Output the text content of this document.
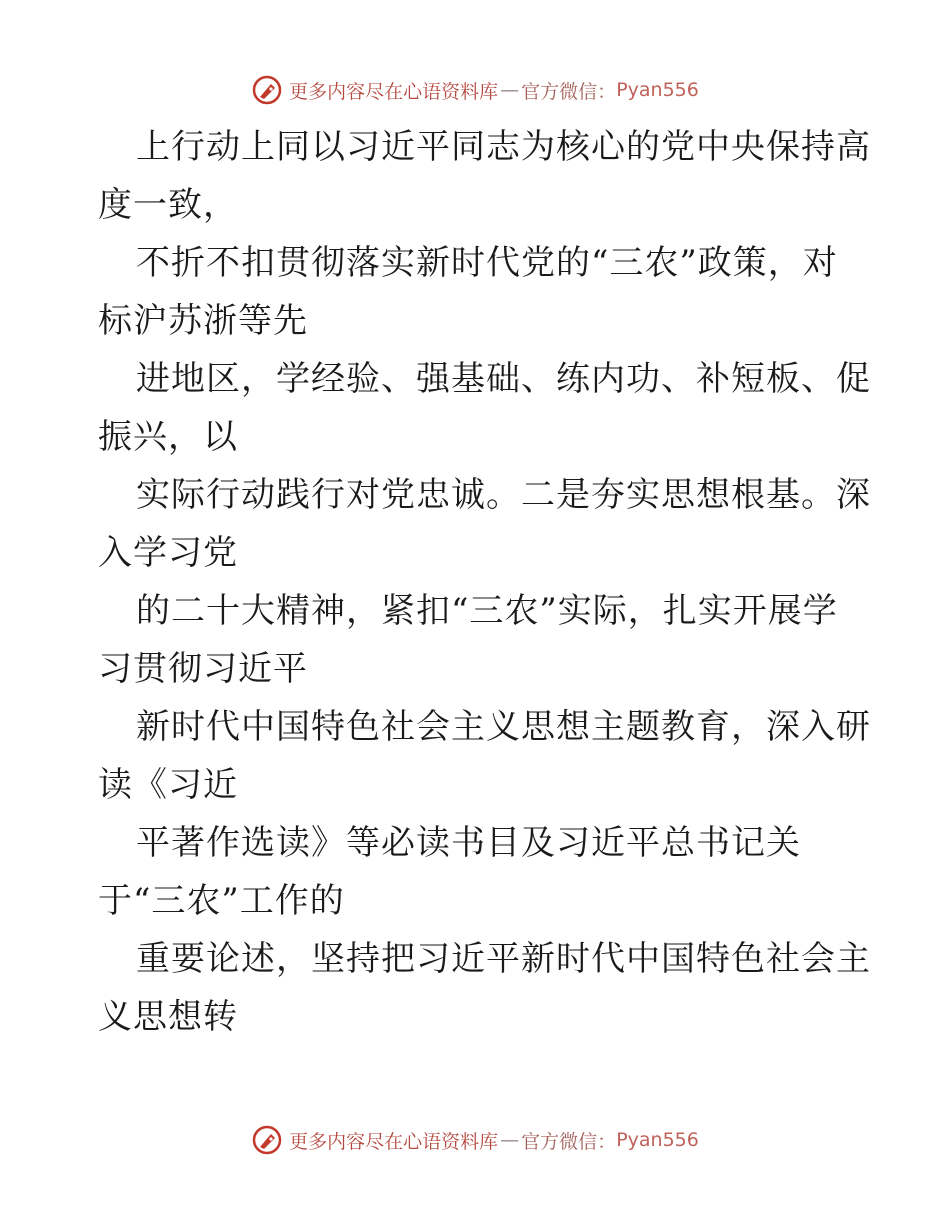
更多内容尽在心语资料库 — 官方微信： Pyan556
上行动上同以习近平同志为核心的党中央保持高
度一致，
不折不扣贯彻落实新时代党的“三农”政策，对
标沪苏浙等先
进地区，学经验、强基础、练内功、补短板、促
振兴，以
实际行动践行对党忠诚。二是夯实思想根基。深
入学习党
的二十大精神，紧扣“三农”实际，扎实开展学
习贯彻习近平
新时代中国特色社会主义思想主题教育，深入研
读《习近
平著作选读》等必读书目及习近平总书记关
于“三农”工作的
重要论述，坚持把习近平新时代中国特色社会主
义思想转
更多内容尽在心语资料库 — 官方微信： Pyan556
